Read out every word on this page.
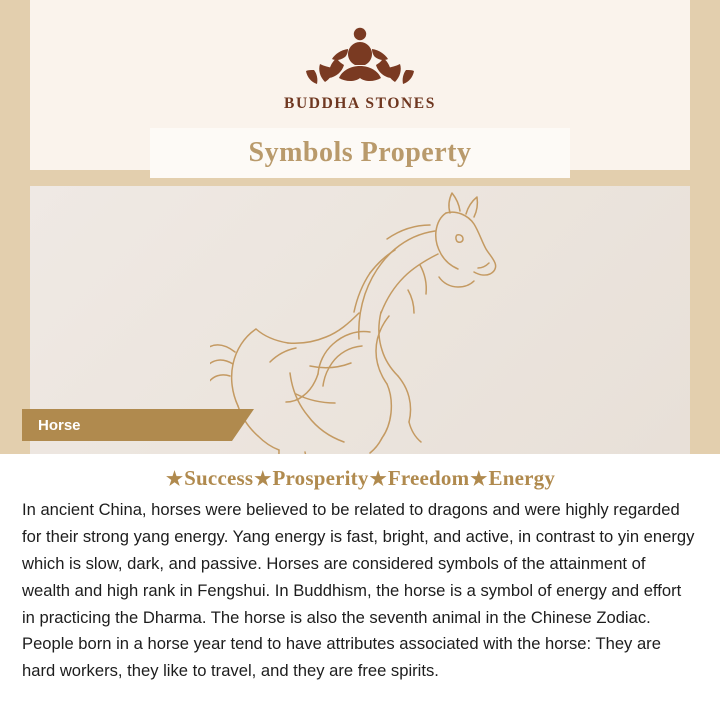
BUDDHA STONES
Symbols Property
Horse
★Success★Prosperity★Freedom★Energy
In ancient China, horses were believed to be related to dragons and were highly regarded for their strong yang energy. Yang energy is fast, bright, and active, in contrast to yin energy which is slow, dark, and passive. Horses are considered symbols of the attainment of wealth and high rank in Fengshui. In Buddhism, the horse is a symbol of energy and effort in practicing the Dharma. The horse is also the seventh animal in the Chinese Zodiac. People born in a horse year tend to have attributes associated with the horse: They are hard workers, they like to travel, and they are free spirits.
